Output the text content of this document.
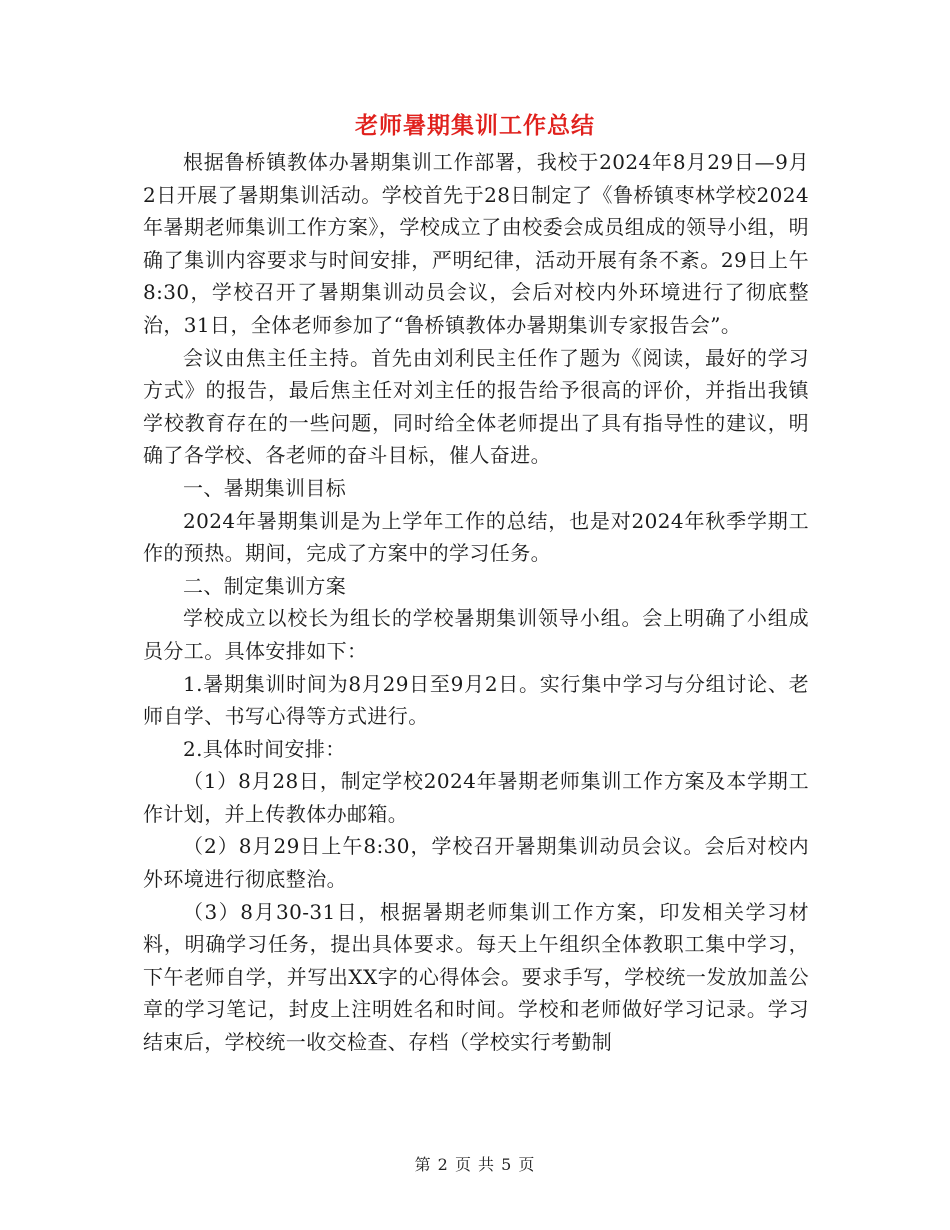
老师暑期集训工作总结

根据鲁桥镇教体办暑期集训工作部署，我校于2024年8月29日—9月2日开展了暑期集训活动。学校首先于28日制定了《鲁桥镇枣林学校2024年暑期老师集训工作方案》，学校成立了由校委会成员组成的领导小组，明确了集训内容要求与时间安排，严明纪律，活动开展有条不紊。29日上午8:30，学校召开了暑期集训动员会议，会后对校内外环境进行了彻底整治，31日，全体老师参加了“鲁桥镇教体办暑期集训专家报告会”。

会议由焦主任主持。首先由刘利民主任作了题为《阅读，最好的学习方式》的报告，最后焦主任对刘主任的报告给予很高的评价，并指出我镇学校教育存在的一些问题，同时给全体老师提出了具有指导性的建议，明确了各学校、各老师的奋斗目标，催人奋进。

一、暑期集训目标

2024年暑期集训是为上学年工作的总结，也是对2024年秋季学期工作的预热。期间，完成了方案中的学习任务。

二、制定集训方案

学校成立以校长为组长的学校暑期集训领导小组。会上明确了小组成员分工。具体安排如下：

1.暑期集训时间为8月29日至9月2日。实行集中学习与分组讨论、老师自学、书写心得等方式进行。

2.具体时间安排：

（1）8月28日，制定学校2024年暑期老师集训工作方案及本学期工作计划，并上传教体办邮箱。

（2）8月29日上午8:30，学校召开暑期集训动员会议。会后对校内外环境进行彻底整治。

（3）8月30-31日，根据暑期老师集训工作方案，印发相关学习材料，明确学习任务，提出具体要求。每天上午组织全体教职工集中学习，下午老师自学，并写出XX字的心得体会。要求手写，学校统一发放加盖公章的学习笔记，封皮上注明姓名和时间。学校和老师做好学习记录。学习结束后，学校统一收交检查、存档（学校实行考勤制

第 2 页 共 5 页
